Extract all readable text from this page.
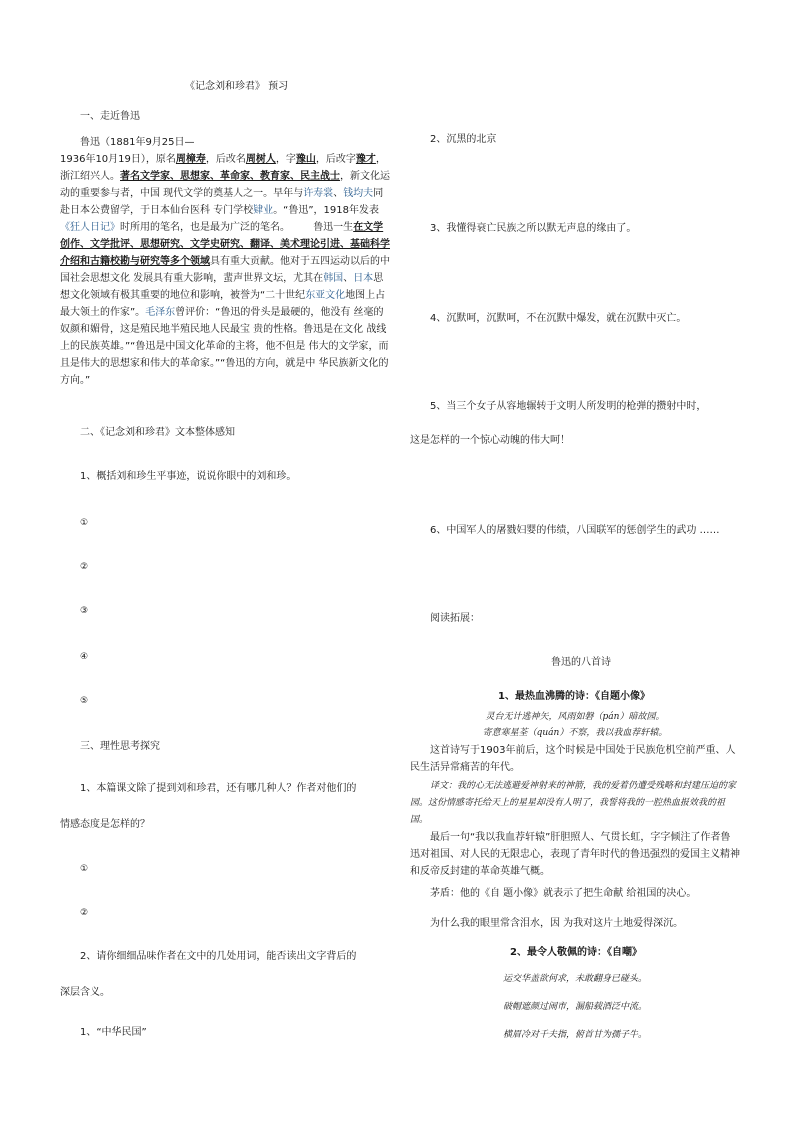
《记念刘和珍君》 预习
一、走近鲁迅
鲁迅（1881年9月25日—
1936年10月19日），原名周樟寿，后改名周树人，字豫山，后改字豫才，浙江绍兴人。著名文学家、思想家、革命家、教育家、民主战士，新文化运动的重要参与者，中国 现代文学的奠基人之一。早年与许寿裳、钱均夫同赴日本公费留学，于日本仙台医科 专门学校肄业。“鲁迅”，1918年发表《狂人日记》时所用的笔名，也是最为广泛的笔名。 鲁迅一生在文学创作、文学批评、思想研究、文学史研究、翻译、美术理论引进、基础科学介绍和古籍校勘与研究等多个领域具有重大贡献。他对于五四运动以后的中国社会思想文化 发展具有重大影响，蜚声世界文坛，尤其在韩国、日本思想文化领域有极其重要的地位和影响，被誉为“二十世纪东亚文化地图上占最大领土的作家”。毛泽东曾评价：“鲁迅的骨头是最硬的，他没有 丝毫的奴颜和媚骨，这是殖民地半殖民地人民最宝 贵的性格。鲁迅是在文化 战线上的民族英雄。”“鲁迅是中国文化革命的主将，他不但是 伟大的文学家，而且是伟大的思想家和伟大的革命家。”“鲁迅的方向，就是中 华民族新文化的方向。”
二、《记念刘和珍君》文本整体感知
1、概括刘和珍生平事迹，说说你眼中的刘和珍。
①
②
③
④
⑤
三、理性思考探究
1、本篇课文除了提到刘和珍君，还有哪几种人？作者对他们的
情感态度是怎样的？
①
②
2、请你细细品味作者在文中的几处用词，能否读出文字背后的
深层含义。
1、“中华民国”
2、沉黑的北京
3、我懂得衰亡民族之所以默无声息的缘由了。
4、沉默呵，沉默呵，不在沉默中爆发，就在沉默中灭亡。
5、当三个女子从容地辗转于文明人所发明的枪弹的攒射中时，
这是怎样的一个惊心动魄的伟大呵！
6、中国军人的屠戮妇婴的伟绩，八国联军的惩创学生的武功 ……
阅读拓展：
鲁迅的八首诗
1、最热血沸腾的诗：《自题小像》
灵台无计逃神矢，风雨如磐（pán）暗故园。
寄意寒星荃（quán）不察，我以我血荐轩辕。
这首诗写于1903年前后，这个时候是中国处于民族危机空前严重、人民生活异常痛苦的年代。
译文：我的心无法逃避爱神射来的神箭，我的爱着仍遭受残略和封建压迫的家园。这份情感寄托给天上的星星却没有人明了，我誓将我的一腔热血报效我的祖国。
最后一句“我以我血荐轩辕”肝胆照人、气贯长虹，字字倾注了作者鲁迅对祖国、对人民的无限忠心，表现了青年时代的鲁迅强烈的爱国主义精神和反帝反封建的革命英雄气概。
茅盾：他的《自 题小像》就表示了把生命献 给祖国的决心。
为什么我的眼里常含泪水，因 为我对这片土地爱得深沉。
2、最令人敬佩的诗：《自嘲》
运交华盖欲何求，未敢翻身已碰头。
破帽遮颜过闹市，漏船载酒泛中流。
横眉冷对千夫指，俯首甘为孺子牛。
